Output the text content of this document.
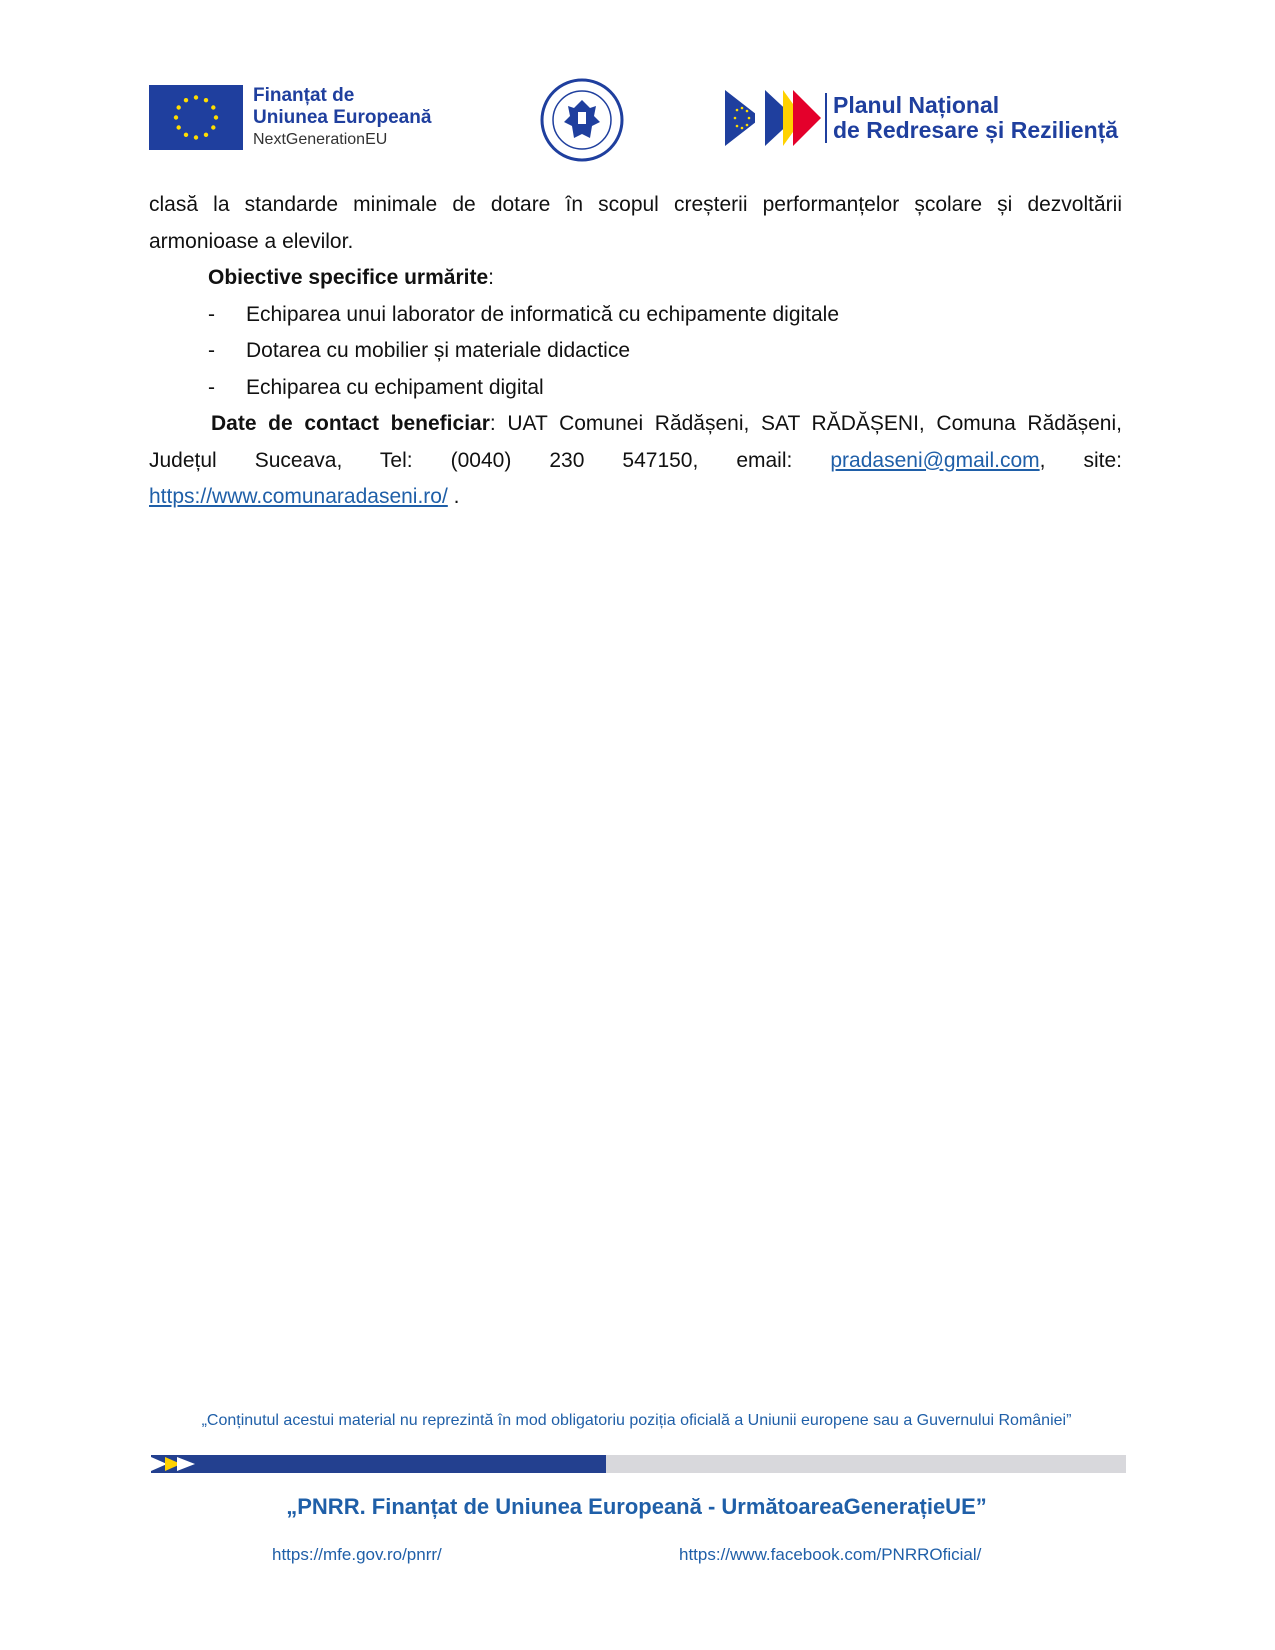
Finanțat de
Uniunea Europeană
NextGenerationEU
Planul Național
de Redresare și Reziliență

clasă la standarde minimale de dotare în scopul creșterii performanțelor școlare și dezvoltării

armonioase a elevilor.

Obiective specifice urmărite:

-	Echiparea unui laborator de informatică cu echipamente digitale
-	Dotarea cu mobilier și materiale didactice
-	Echiparea cu echipament digital

Date de contact beneficiar: UAT Comunei Rădășeni, SAT RĂDĂȘENI, Comuna Rădășeni,

Județul Suceava, Tel: (0040) 230 547150, email: pradaseni@gmail.com, site:

https://www.comunaradaseni.ro/ .

„Conținutul acestui material nu reprezintă în mod obligatoriu poziția oficială a Uniunii europene sau a Guvernului României”
„PNRR. Finanțat de Uniunea Europeană - UrmătoareaGenerațieUE”
https://mfe.gov.ro/pnrr/	https://www.facebook.com/PNRROficial/
